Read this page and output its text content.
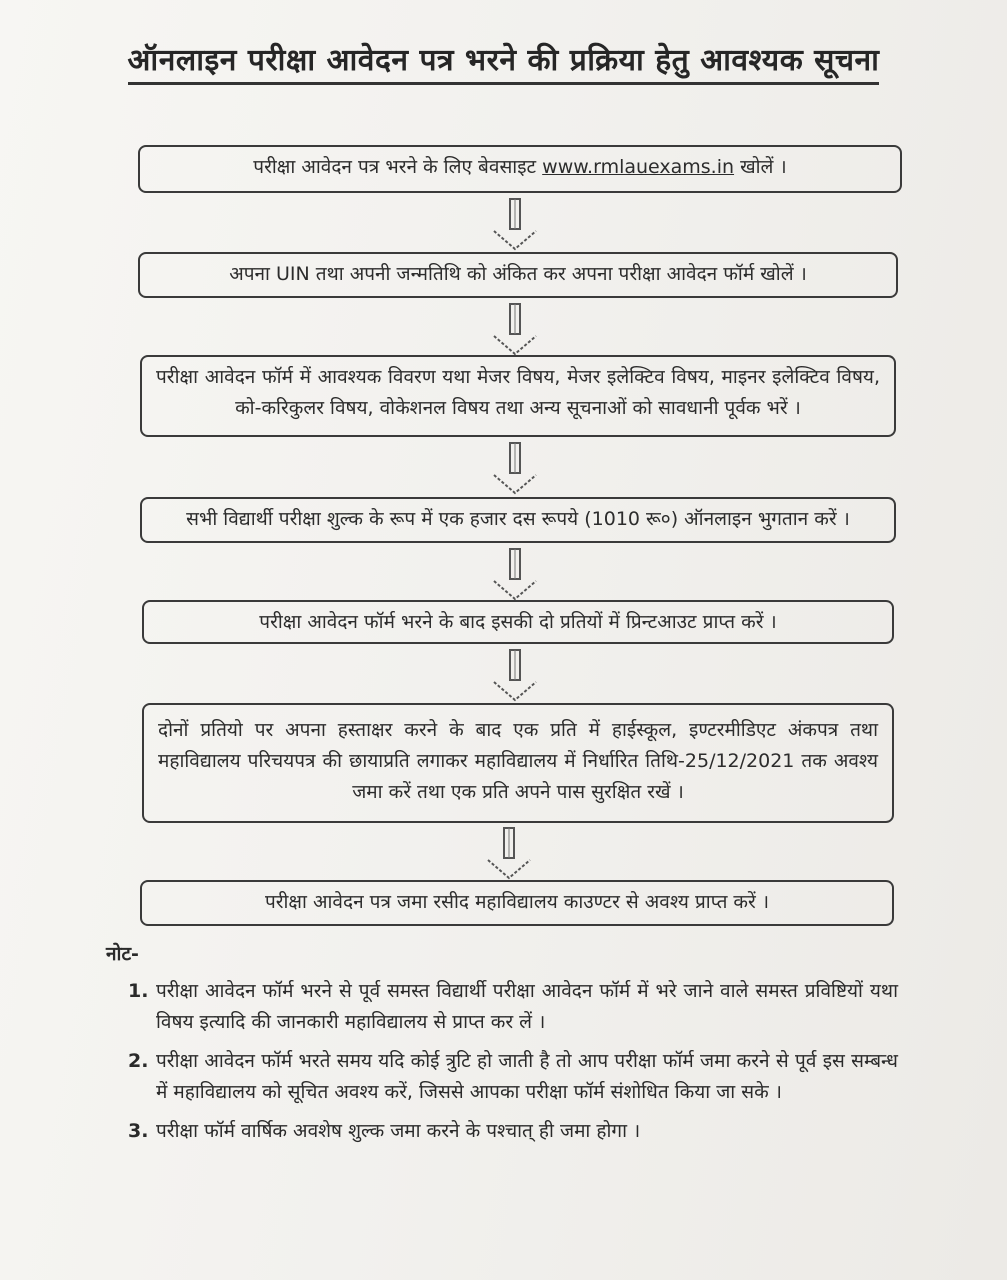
ऑनलाइन परीक्षा आवेदन पत्र भरने की प्रक्रिया हेतु आवश्यक सूचना
परीक्षा आवेदन पत्र भरने के लिए बेवसाइट www.rmlauexams.in खोलें ।
अपना UIN तथा अपनी जन्मतिथि को अंकित कर अपना परीक्षा आवेदन फॉर्म खोलें ।
परीक्षा आवेदन फॉर्म में आवश्यक विवरण यथा मेजर विषय, मेजर इलेक्टिव विषय, माइनर इलेक्टिव विषय, को-करिकुलर विषय, वोकेशनल विषय तथा अन्य सूचनाओं को सावधानी पूर्वक भरें ।
सभी विद्यार्थी परीक्षा शुल्क के रूप में एक हजार दस रूपये (1010 रू०) ऑनलाइन भुगतान करें ।
परीक्षा आवेदन फॉर्म भरने के बाद इसकी दो प्रतियों में प्रिन्टआउट प्राप्त करें ।
दोनों प्रतियो पर अपना हस्ताक्षर करने के बाद एक प्रति में हाईस्कूल, इण्टरमीडिएट अंकपत्र तथा महाविद्यालय परिचयपत्र की छायाप्रति लगाकर महाविद्यालय में निर्धारित तिथि-25/12/2021 तक अवश्य जमा करें तथा एक प्रति अपने पास सुरक्षित रखें ।
परीक्षा आवेदन पत्र जमा रसीद महाविद्यालय काउण्टर से अवश्य प्राप्त करें ।
नोट-
1. परीक्षा आवेदन फॉर्म भरने से पूर्व समस्त विद्यार्थी परीक्षा आवेदन फॉर्म में भरे जाने वाले समस्त प्रविष्टियों यथा विषय इत्यादि की जानकारी महाविद्यालय से प्राप्त कर लें ।
2. परीक्षा आवेदन फॉर्म भरते समय यदि कोई त्रुटि हो जाती है तो आप परीक्षा फॉर्म जमा करने से पूर्व इस सम्बन्ध में महाविद्यालय को सूचित अवश्य करें, जिससे आपका परीक्षा फॉर्म संशोधित किया जा सके ।
3. परीक्षा फॉर्म वार्षिक अवशेष शुल्क जमा करने के पश्चात् ही जमा होगा ।
